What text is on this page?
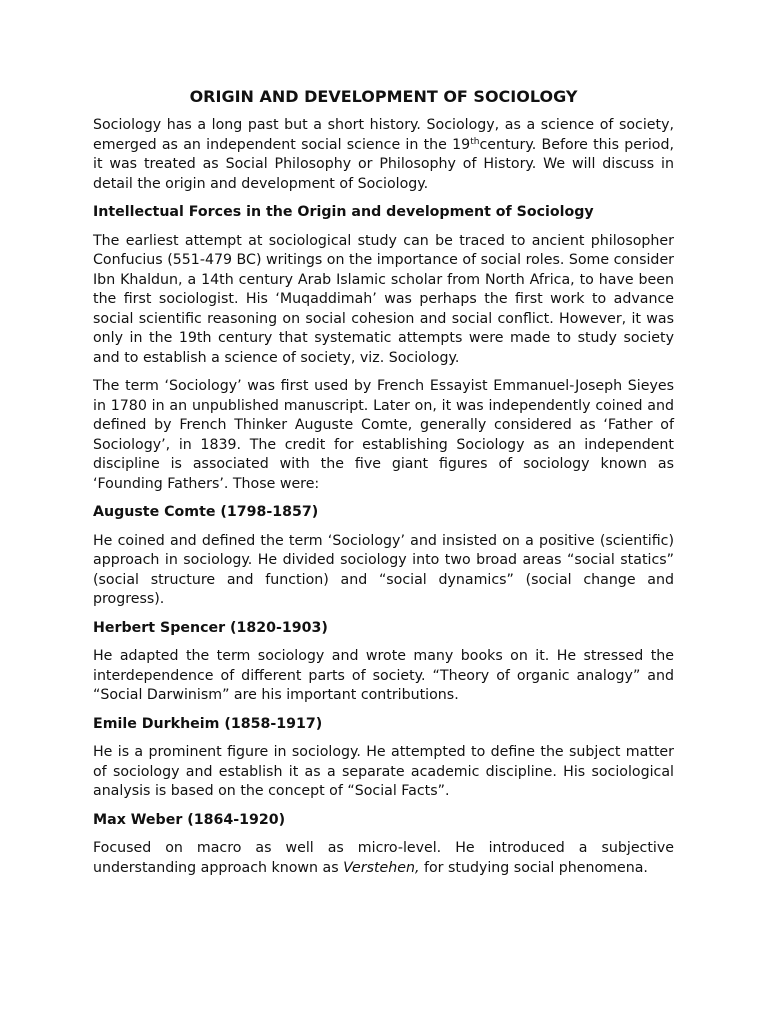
ORIGIN AND DEVELOPMENT OF SOCIOLOGY

Sociology has a long past but a short history. Sociology, as a science of society, emerged as an independent social science in the 19thcentury. Before this period, it was treated as Social Philosophy or Philosophy of History. We will discuss in detail the origin and development of Sociology.

Intellectual Forces in the Origin and development of Sociology

The earliest attempt at sociological study can be traced to ancient philosopher Confucius (551-479 BC) writings on the importance of social roles. Some consider Ibn Khaldun, a 14th century Arab Islamic scholar from North Africa, to have been the first sociologist. His ‘Muqaddimah’ was perhaps the first work to advance social scientific reasoning on social cohesion and social conflict. However, it was only in the 19th century that systematic attempts were made to study society and to establish a science of society, viz. Sociology.

The term ‘Sociology’ was first used by French Essayist Emmanuel-Joseph Sieyes in 1780 in an unpublished manuscript. Later on, it was independently coined and defined by French Thinker Auguste Comte, generally considered as ‘Father of Sociology’, in 1839. The credit for establishing Sociology as an independent discipline is associated with the five giant figures of sociology known as ‘Founding Fathers’. Those were:

Auguste Comte (1798-1857)

He coined and defined the term ‘Sociology’ and insisted on a positive (scientific) approach in sociology. He divided sociology into two broad areas “social statics” (social structure and function) and “social dynamics” (social change and progress).

Herbert Spencer (1820-1903)

He adapted the term sociology and wrote many books on it. He stressed the interdependence of different parts of society. “Theory of organic analogy” and “Social Darwinism” are his important contributions.

Emile Durkheim (1858-1917)

He is a prominent figure in sociology. He attempted to define the subject matter of sociology and establish it as a separate academic discipline. His sociological analysis is based on the concept of “Social Facts”.

Max Weber (1864-1920)

Focused on macro as well as micro-level. He introduced a subjective understanding approach known as Verstehen, for studying social phenomena.
